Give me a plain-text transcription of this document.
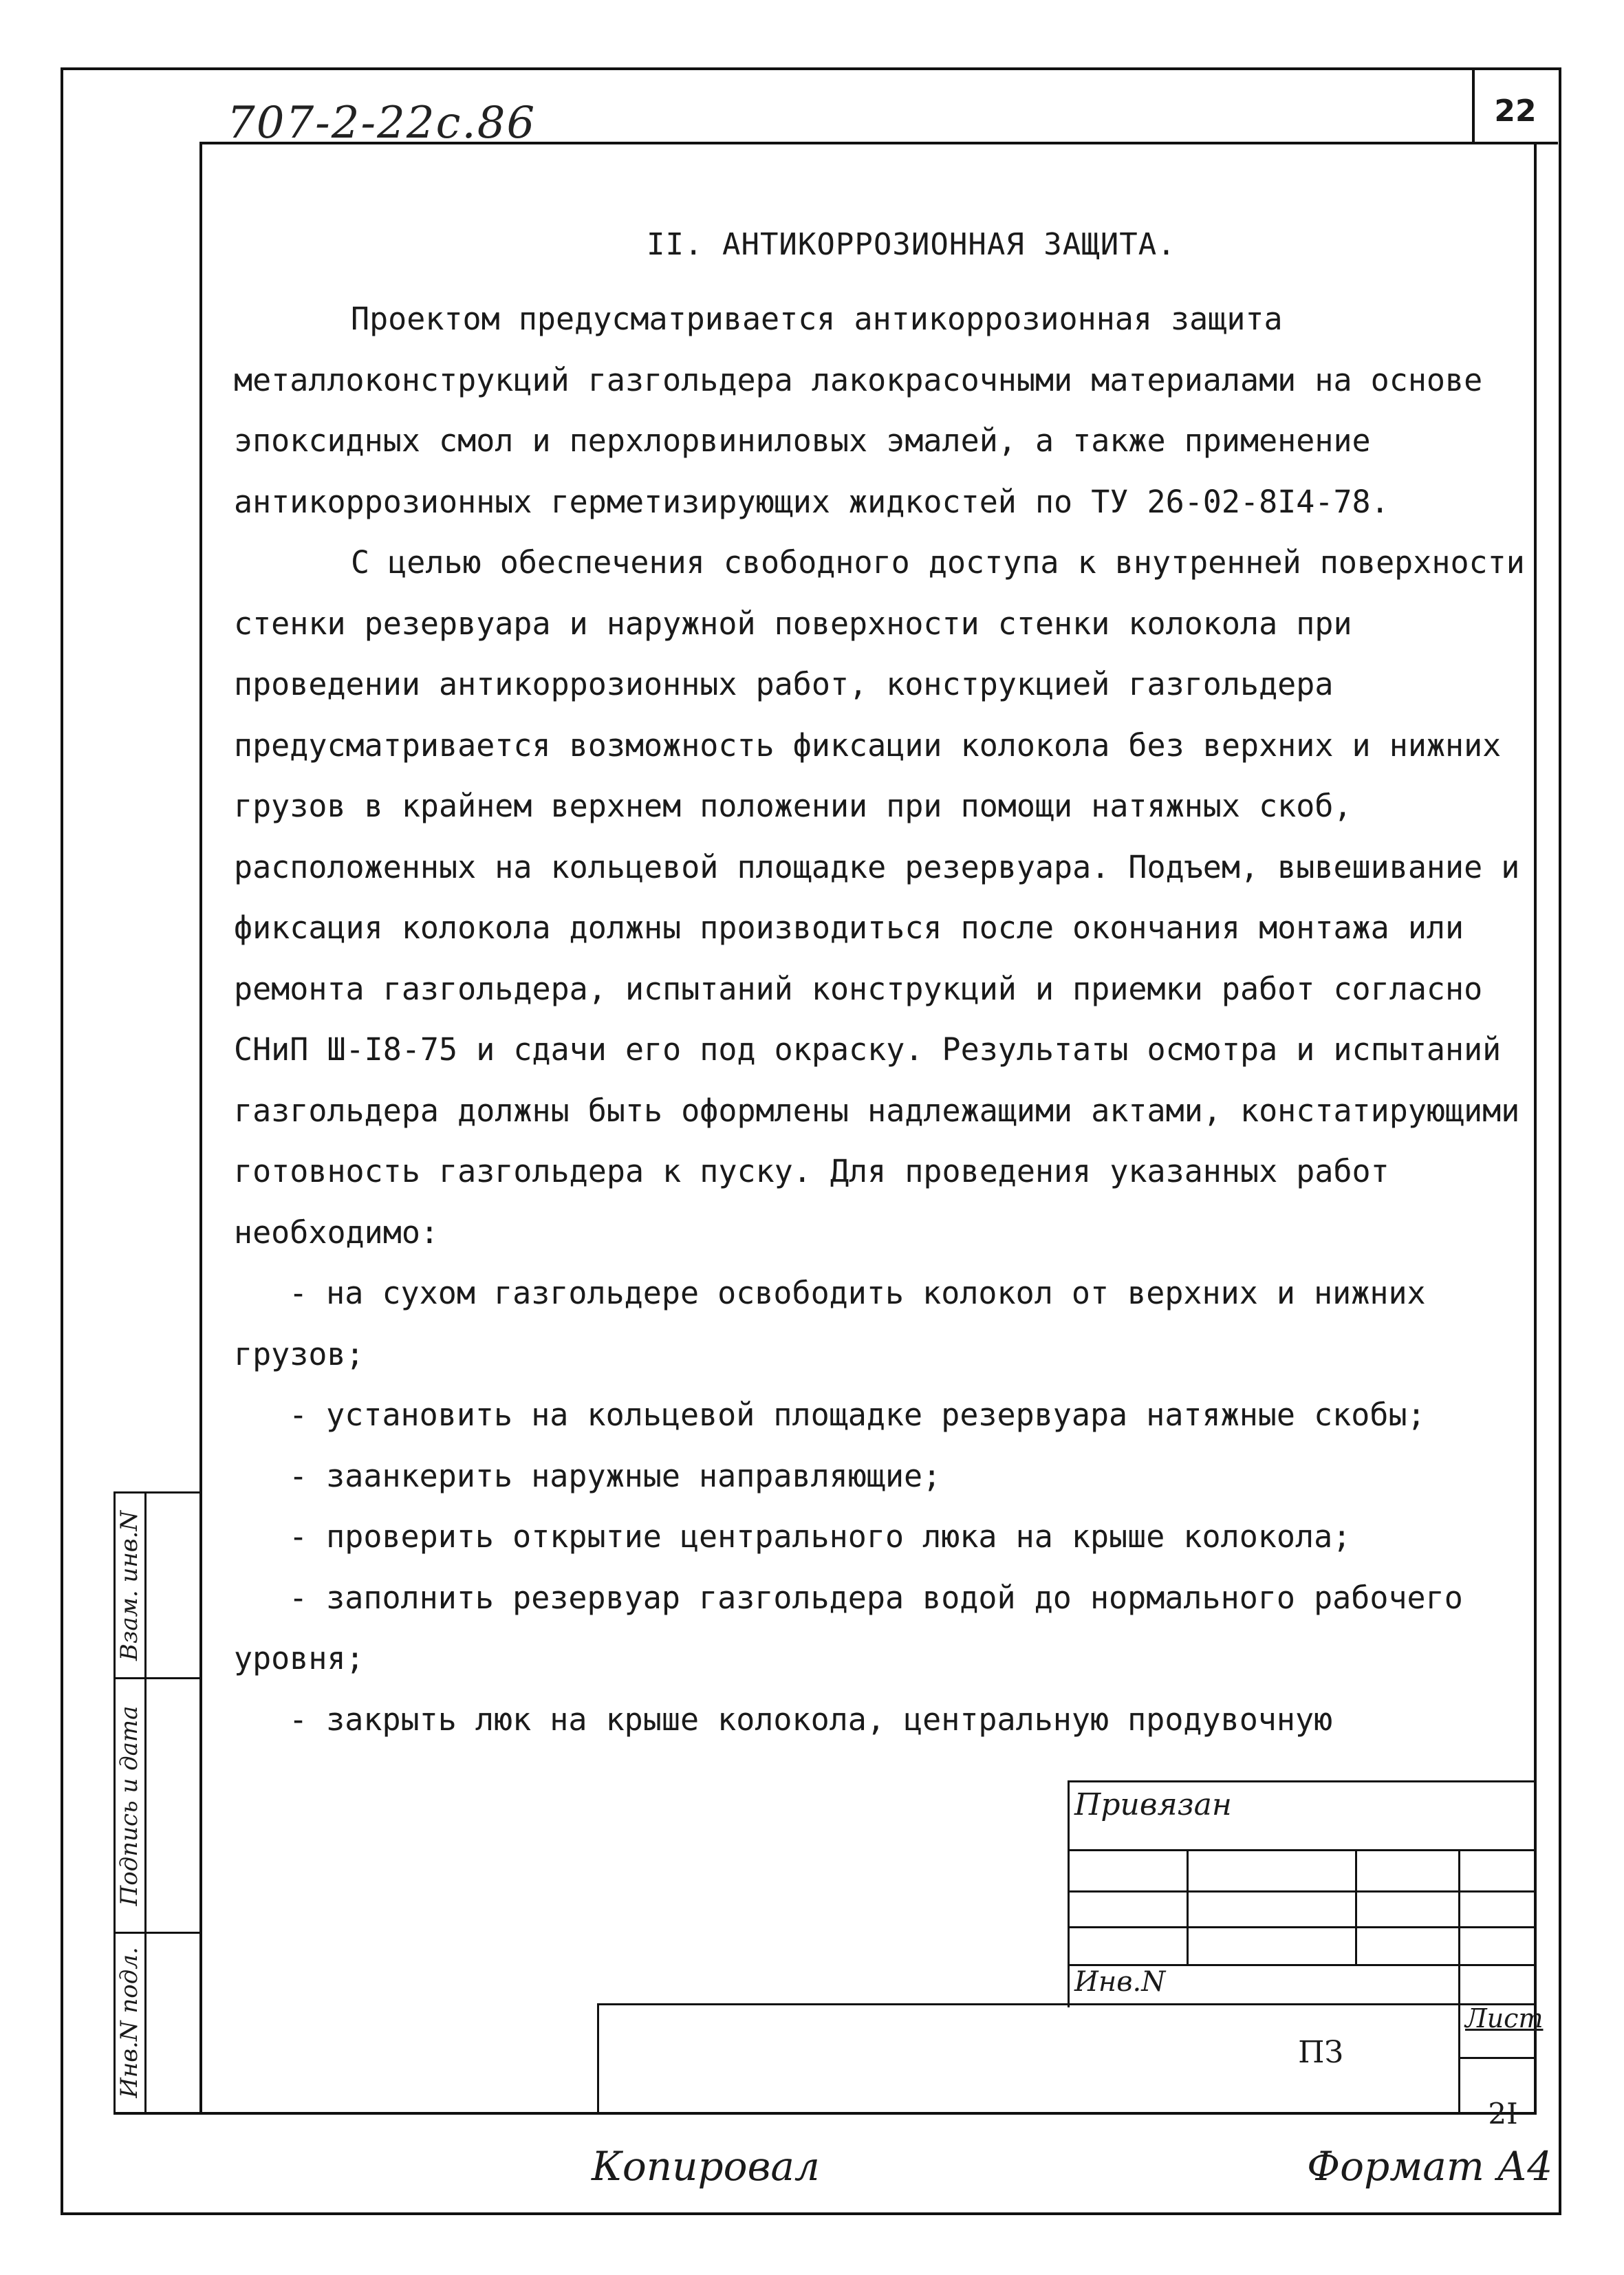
707-2-22с.86	22
II. АНТИКОРРОЗИОННАЯ ЗАЩИТА.

Проектом предусматривается антикоррозионная защита металлоконструкций газгольдера лакокрасочными материалами на основе эпоксидных смол и перхлорвиниловых эмалей, а также применение антикоррозионных герметизирующих жидкостей по ТУ 26-02-8I4-78.

С целью обеспечения свободного доступа к внутренней поверхности стенки резервуара и наружной поверхности стенки колокола при проведении антикоррозионных работ, конструкцией газгольдера предусматривается возможность фиксации колокола без верхних и нижних грузов в крайнем верхнем положении при помощи натяжных скоб, расположенных на кольцевой площадке резервуара. Подъем, вывешивание и фиксация колокола должны производиться после окончания монтажа или ремонта газгольдера, испытаний конструкций и приемки работ согласно СНиП Ш-I8-75 и сдачи его под окраску. Результаты осмотра и испытаний газгольдера должны быть оформлены надлежащими актами, констатирующими готовность газгольдера к пуску. Для проведения указанных работ необходимо:

- на сухом газгольдере освободить колокол от верхних и нижних грузов;

- установить на кольцевой площадке резервуара натяжные скобы;

- заанкерить наружные направляющие;

- проверить открытие центрального люка на крыше колокола;

- заполнить резервуар газгольдера водой до нормального рабочего уровня;

- закрыть люк на крыше колокола, центральную продувочную

Взам. инв.N
Подпись и дата
Инв.N подл.
Привязан
Инв.N
ПЗ
Лист
2I
Копировал	Формат А4
